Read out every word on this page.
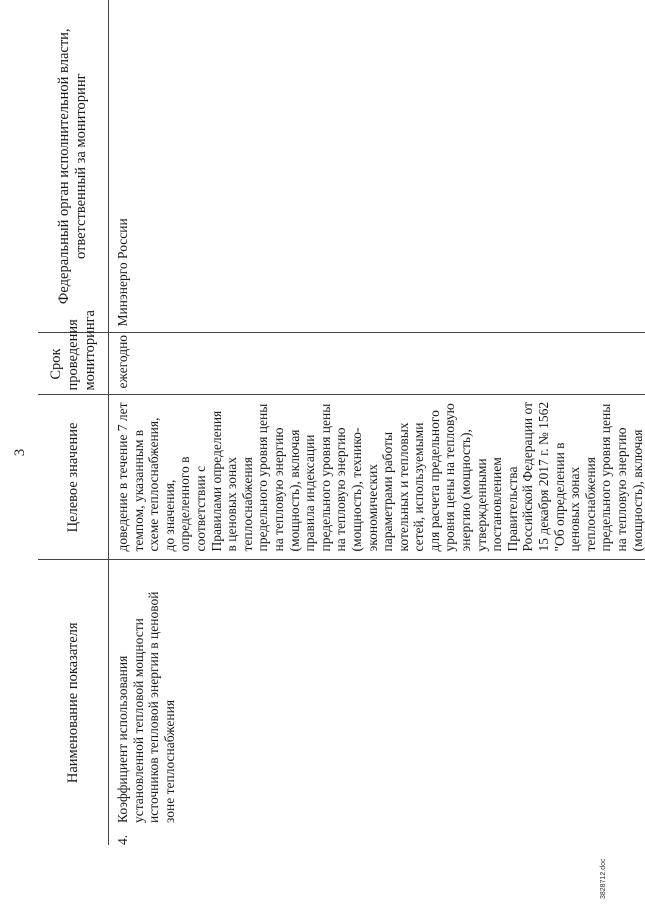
3
Наименование показателя	Целевое значение	Срок проведения мониторинга	Федеральный орган исполнительной власти, ответственный за мониторинг
4.Коэффициент использования установленной тепловой мощности источников тепловой энергии в ценовой зоне теплоснабжения	доведение в течение 7 лет темпом, указанным в схеме теплоснабжения, до значения, определенного в соответствии с Правилами определения в ценовых зонах теплоснабжения предельного уровня цены на тепловую энергию (мощность), включая правила индексации предельного уровня цены на тепловую энергию (мощность), технико-экономических параметрами работы котельных и тепловых сетей, используемыми для расчета предельного уровня цены на тепловую энергию (мощность), утвержденными постановлением Правительства Российской Федерации от 15 декабря 2017 г. № 1562 "Об определении в ценовых зонах теплоснабжения предельного уровня цены на тепловую энергию (мощность), включая	ежегодно	Минэнерго России
3828712.doc
